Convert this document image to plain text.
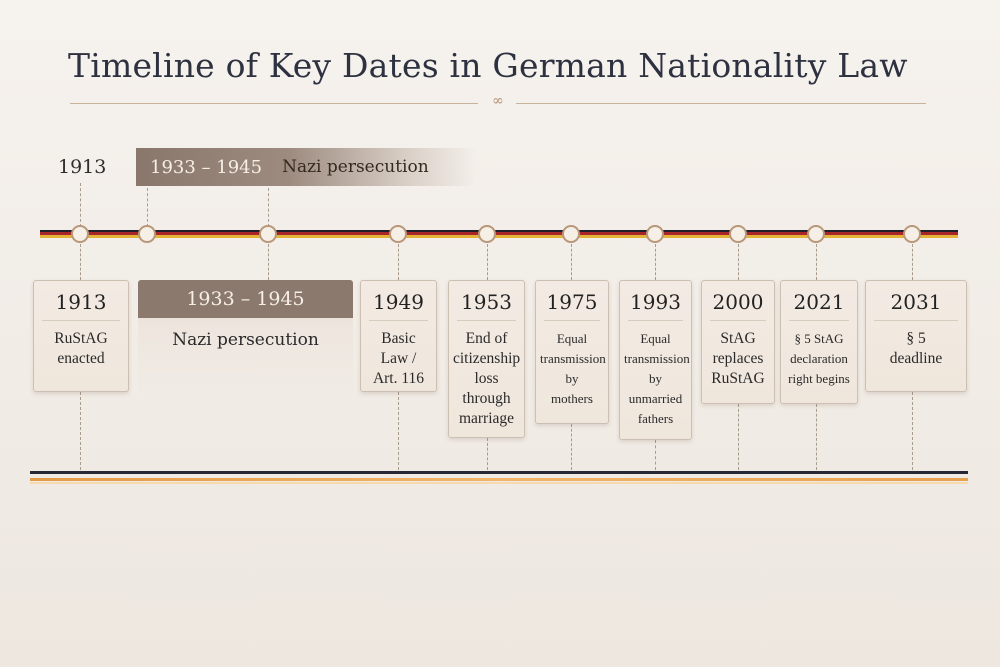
Timeline of Key Dates in German Nationality Law
∞
1913 1933 – 1945 Nazi persecution
1913
RuStAG
enacted
1933 – 1945
Nazi persecution
1949
Basic
Law /
Art. 116
1953
End of
citizenship
loss
through
marriage
1975
Equal
transmission
by
mothers
1993
Equal
transmission
by
unmarried
fathers
2000
StAG
replaces
RuStAG
2021
§ 5 StAG
declaration
right begins
2031
§ 5
deadline
